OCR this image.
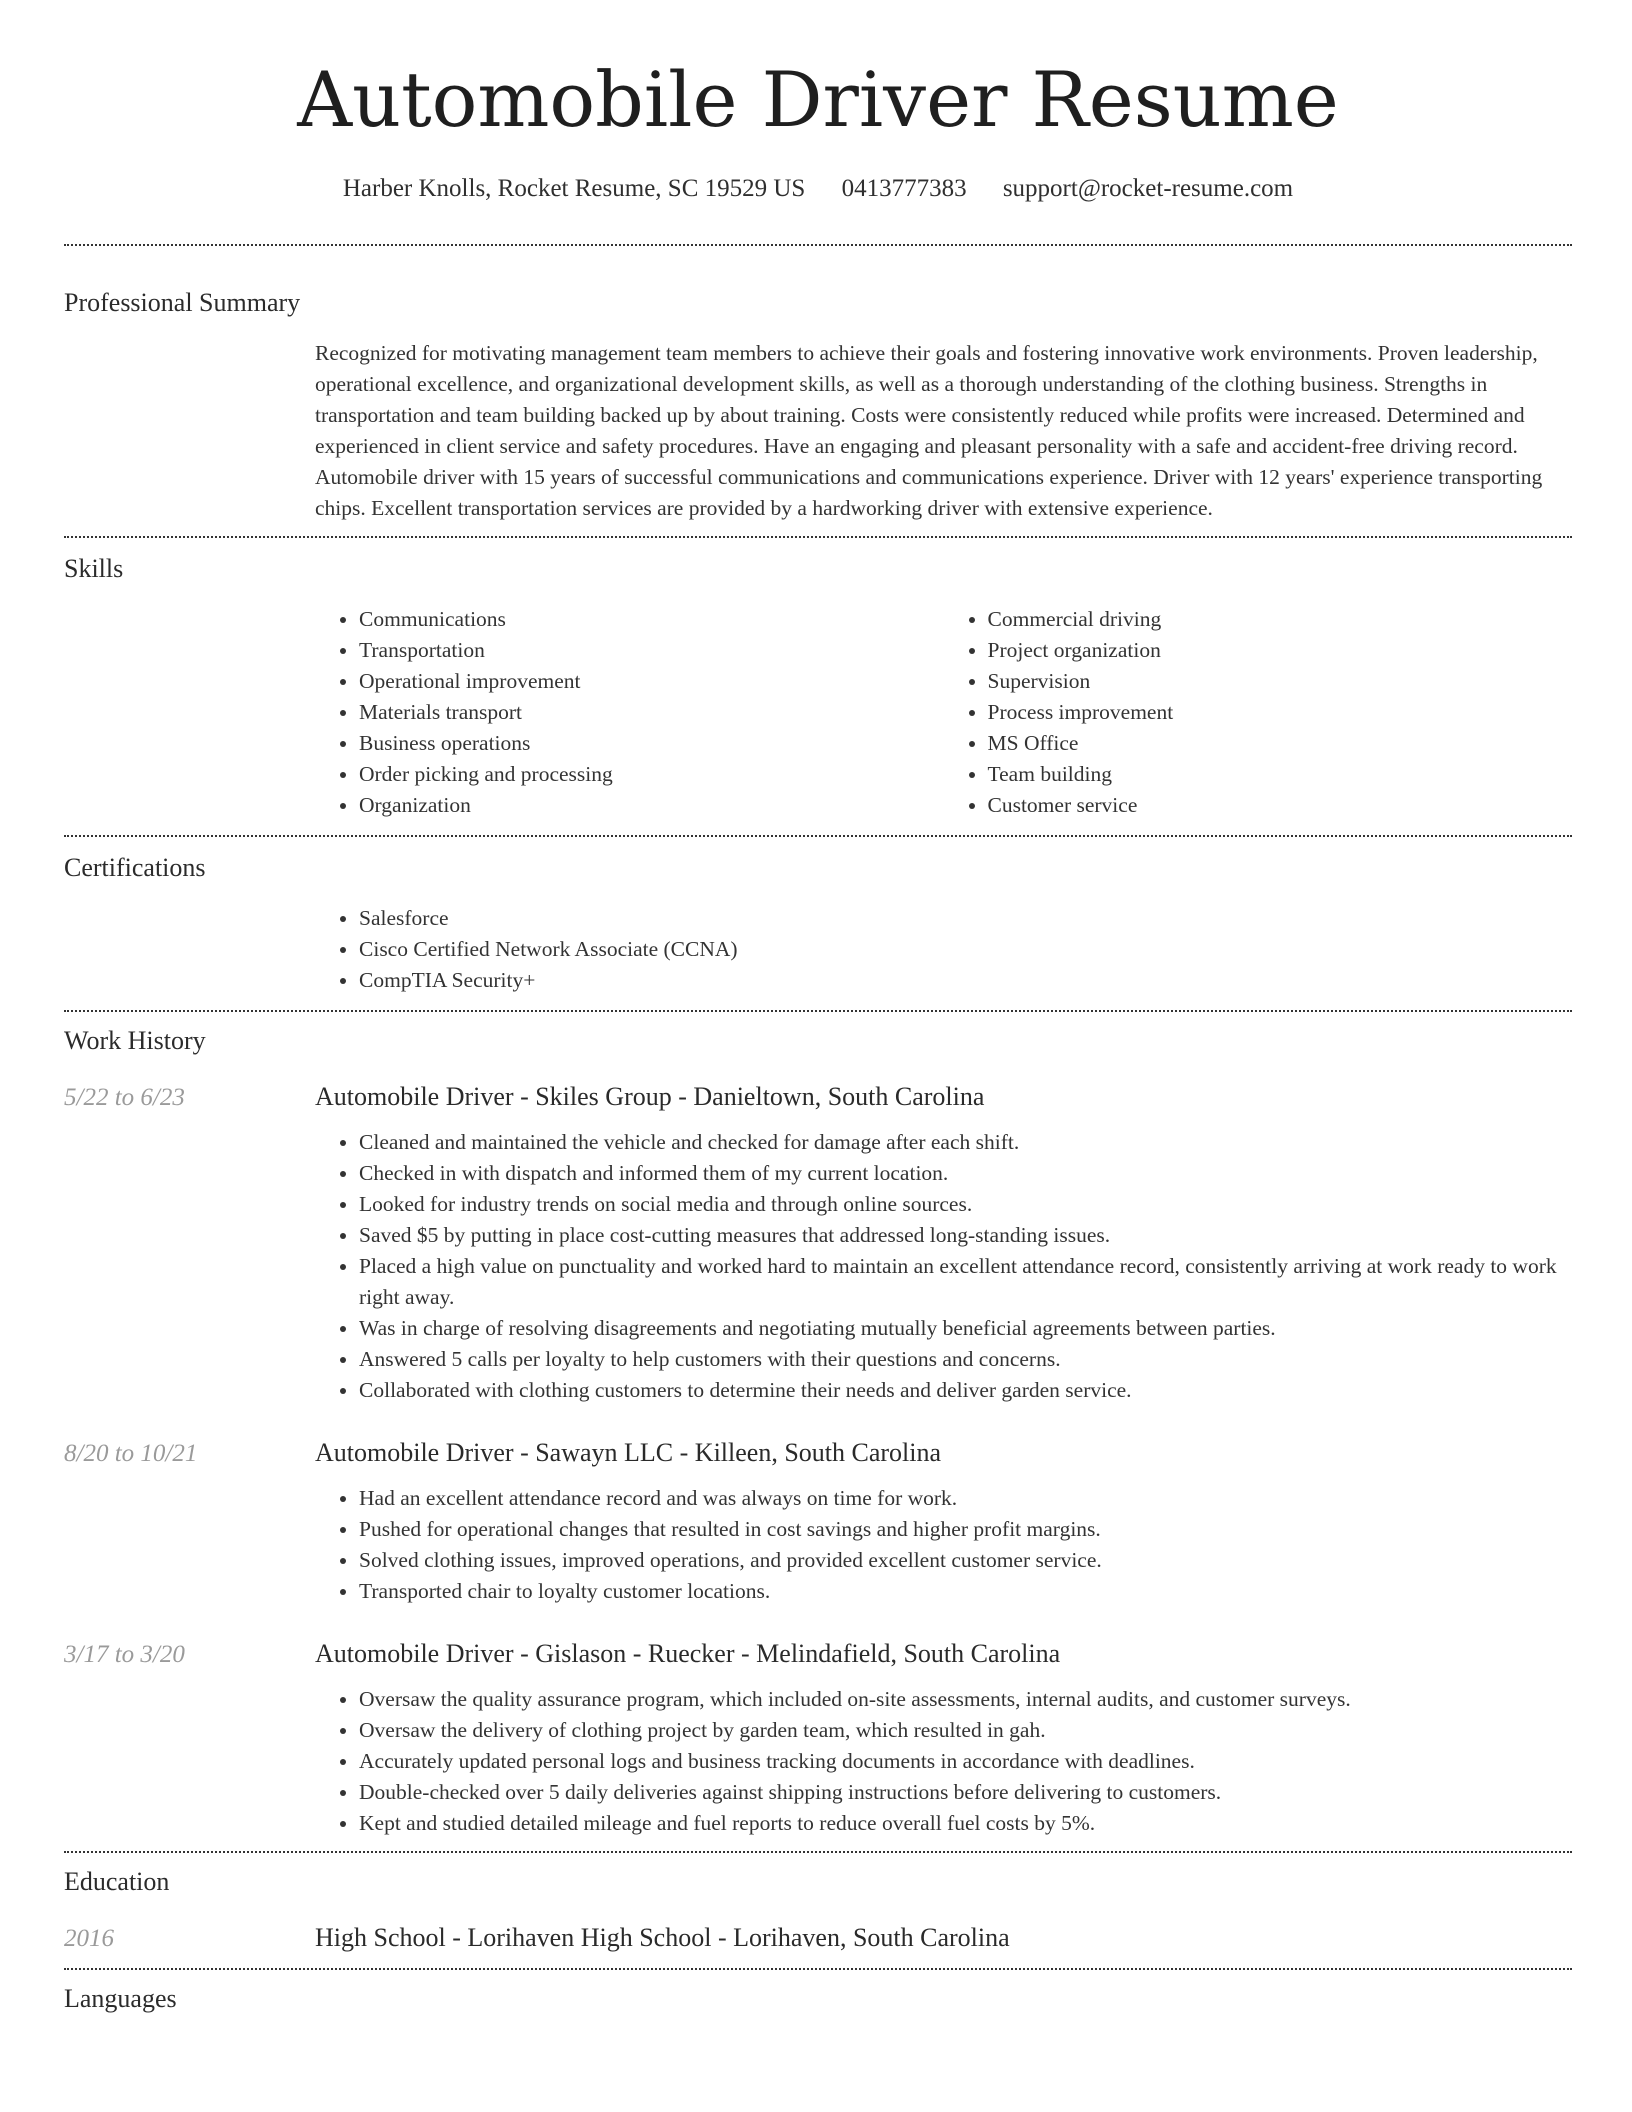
Automobile Driver Resume
Harber Knolls, Rocket Resume, SC 19529 US 0413777383 support@rocket-resume.com
Professional Summary
Recognized for motivating management team members to achieve their goals and fostering innovative work environments. Proven leadership, operational excellence, and organizational development skills, as well as a thorough understanding of the clothing business. Strengths in transportation and team building backed up by about training. Costs were consistently reduced while profits were increased. Determined and experienced in client service and safety procedures. Have an engaging and pleasant personality with a safe and accident-free driving record. Automobile driver with 15 years of successful communications and communications experience. Driver with 12 years' experience transporting chips. Excellent transportation services are provided by a hardworking driver with extensive experience.
Skills
• Communications
• Transportation
• Operational improvement
• Materials transport
• Business operations
• Order picking and processing
• Organization
• Commercial driving
• Project organization
• Supervision
• Process improvement
• MS Office
• Team building
• Customer service
Certifications
• Salesforce
• Cisco Certified Network Associate (CCNA)
• CompTIA Security+
Work History
5/22 to 6/23	Automobile Driver - Skiles Group - Danieltown, South Carolina
• Cleaned and maintained the vehicle and checked for damage after each shift.
• Checked in with dispatch and informed them of my current location.
• Looked for industry trends on social media and through online sources.
• Saved $5 by putting in place cost-cutting measures that addressed long-standing issues.
• Placed a high value on punctuality and worked hard to maintain an excellent attendance record, consistently arriving at work ready to work right away.
• Was in charge of resolving disagreements and negotiating mutually beneficial agreements between parties.
• Answered 5 calls per loyalty to help customers with their questions and concerns.
• Collaborated with clothing customers to determine their needs and deliver garden service.
8/20 to 10/21	Automobile Driver - Sawayn LLC - Killeen, South Carolina
• Had an excellent attendance record and was always on time for work.
• Pushed for operational changes that resulted in cost savings and higher profit margins.
• Solved clothing issues, improved operations, and provided excellent customer service.
• Transported chair to loyalty customer locations.
3/17 to 3/20	Automobile Driver - Gislason - Ruecker - Melindafield, South Carolina
• Oversaw the quality assurance program, which included on-site assessments, internal audits, and customer surveys.
• Oversaw the delivery of clothing project by garden team, which resulted in gah.
• Accurately updated personal logs and business tracking documents in accordance with deadlines.
• Double-checked over 5 daily deliveries against shipping instructions before delivering to customers.
• Kept and studied detailed mileage and fuel reports to reduce overall fuel costs by 5%.
Education
2016	High School - Lorihaven High School - Lorihaven, South Carolina
Languages
